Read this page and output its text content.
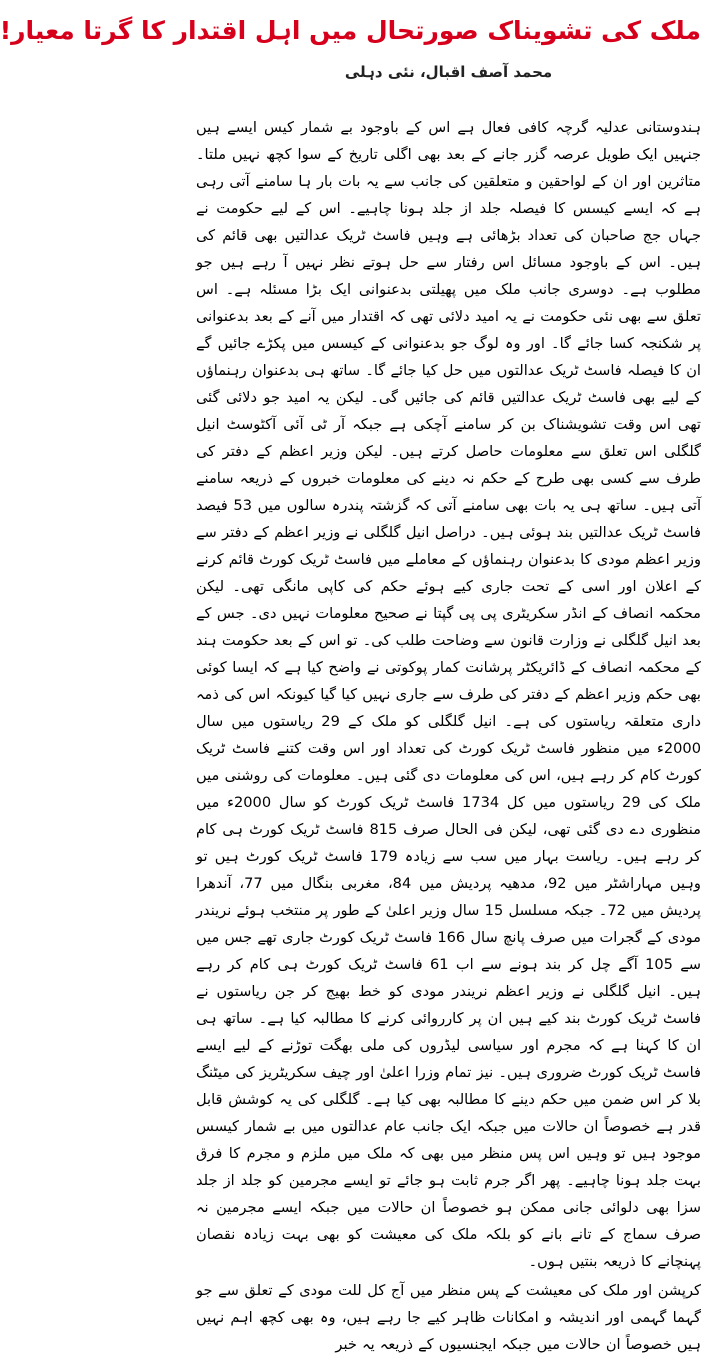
ملک کی تشویناک صورتحال میں اہل اقتدار کا گرتا معیار!
محمد آصف اقبال، نئی دہلی

ہندوستانی عدلیہ گرچہ کافی فعال ہے اس کے باوجود بے شمار کیس ایسے ہیں جنہیں ایک طویل عرصہ گزر جانے کے بعد بھی اگلی تاریخ کے سوا کچھ نہیں ملتا۔ متاثرین اور ان کے لواحقین و متعلقین کی جانب سے یہ بات بار ہا سامنے آتی رہی ہے کہ ایسے کیسس کا فیصلہ جلد از جلد ہونا چاہیے۔ اس کے لیے حکومت نے جہاں جج صاحبان کی تعداد بڑھائی ہے وہیں فاسٹ ٹریک عدالتیں بھی قائم کی ہیں۔ اس کے باوجود مسائل اس رفتار سے حل ہوتے نظر نہیں آ رہے ہیں جو مطلوب ہے۔ دوسری جانب ملک میں پھیلتی بدعنوانی ایک بڑا مسئلہ ہے۔ اس تعلق سے بھی نئی حکومت نے یہ امید دلائی تھی کہ اقتدار میں آنے کے بعد بدعنوانی پر شکنجہ کسا جائے گا۔ اور وہ لوگ جو بدعنوانی کے کیسس میں پکڑے جائیں گے ان کا فیصلہ فاسٹ ٹریک عدالتوں میں حل کیا جائے گا۔ ساتھ ہی بدعنوان رہنماؤں کے لیے بھی فاسٹ ٹریک عدالتیں قائم کی جائیں گی۔ لیکن یہ امید جو دلائی گئی تھی اس وقت تشویشناک بن کر سامنے آچکی ہے جبکہ آر ٹی آئی آکٹوسٹ انیل گلگلی اس تعلق سے معلومات حاصل کرتے ہیں۔ لیکن وزیر اعظم کے دفتر کی طرف سے کسی بھی طرح کے حکم نہ دینے کی معلومات خبروں کے ذریعہ سامنے آتی ہیں۔ ساتھ ہی یہ بات بھی سامنے آتی کہ گزشتہ پندرہ سالوں میں 53 فیصد فاسٹ ٹریک عدالتیں بند ہوئی ہیں۔ دراصل انیل گلگلی نے وزیر اعظم کے دفتر سے وزیر اعظم مودی کا بدعنوان رہنماؤں کے معاملے میں فاسٹ ٹریک کورٹ قائم کرنے کے اعلان اور اسی کے تحت جاری کیے ہوئے حکم کی کاپی مانگی تھی۔ لیکن محکمہ انصاف کے انڈر سکریٹری پی پی گپتا نے صحیح معلومات نہیں دی۔ جس کے بعد انیل گلگلی نے وزارت قانون سے وضاحت طلب کی۔ تو اس کے بعد حکومت ہند کے محکمہ انصاف کے ڈائریکٹر پرشانت کمار پوکوتی نے واضح کیا ہے کہ ایسا کوئی بھی حکم وزیر اعظم کے دفتر کی طرف سے جاری نہیں کیا گیا کیونکہ اس کی ذمہ داری متعلقہ ریاستوں کی ہے۔ انیل گلگلی کو ملک کے 29 ریاستوں میں سال 2000ء میں منظور فاسٹ ٹریک کورٹ کی تعداد اور اس وقت کتنے فاسٹ ٹریک کورٹ کام کر رہے ہیں، اس کی معلومات دی گئی ہیں۔ معلومات کی روشنی میں ملک کی 29 ریاستوں میں کل 1734 فاسٹ ٹریک کورٹ کو سال 2000ء میں منظوری دے دی گئی تھی، لیکن فی الحال صرف 815 فاسٹ ٹریک کورٹ ہی کام کر رہے ہیں۔ ریاست بہار میں سب سے زیادہ 179 فاسٹ ٹریک کورٹ ہیں تو وہیں مہاراشٹر میں 92، مدھیہ پردیش میں 84، مغربی بنگال میں 77، آندھرا پردیش میں 72۔ جبکہ مسلسل 15 سال وزیر اعلیٰ کے طور پر منتخب ہوئے نریندر مودی کے گجرات میں صرف پانچ سال 166 فاسٹ ٹریک کورٹ جاری تھے جس میں سے 105 آگے چل کر بند ہونے سے اب 61 فاسٹ ٹریک کورٹ ہی کام کر رہے ہیں۔ انیل گلگلی نے وزیر اعظم نریندر مودی کو خط بھیج کر جن ریاستوں نے فاسٹ ٹریک کورٹ بند کیے ہیں ان پر کارروائی کرنے کا مطالبہ کیا ہے۔ ساتھ ہی ان کا کہنا ہے کہ مجرم اور سیاسی لیڈروں کی ملی بھگت توڑنے کے لیے ایسے فاسٹ ٹریک کورٹ ضروری ہیں۔ نیز تمام وزرا اعلیٰ اور چیف سکریٹریز کی میٹنگ بلا کر اس ضمن میں حکم دینے کا مطالبہ بھی کیا ہے۔ گلگلی کی یہ کوشش قابل قدر ہے خصوصاً ان حالات میں جبکہ ایک جانب عام عدالتوں میں بے شمار کیسس موجود ہیں تو وہیں اس پس منظر میں بھی کہ ملک میں ملزم و مجرم کا فرق بہت جلد ہونا چاہیے۔ پھر اگر جرم ثابت ہو جائے تو ایسے مجرمین کو جلد از جلد سزا بھی دلوائی جانی ممکن ہو خصوصاً ان حالات میں جبکہ ایسے مجرمین نہ صرف سماج کے تانے بانے کو بلکہ ملک کی معیشت کو بھی بہت زیادہ نقصان پہنچانے کا ذریعہ بنتیں ہوں۔

کرپشن اور ملک کی معیشت کے پس منظر میں آج کل للت مودی کے تعلق سے جو گہما گہمی اور اندیشہ و امکانات ظاہر کیے جا رہے ہیں، وہ بھی کچھ اہم نہیں ہیں خصوصاً ان حالات میں جبکہ ایجنسیوں کے ذریعہ یہ خبر
